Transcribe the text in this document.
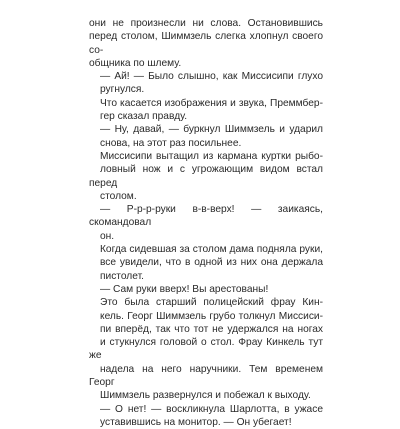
они не произнесли ни слова. Остановившись
перед столом, Шиммзель слегка хлопнул своего со-
общника по шлему.

— Ай! — Было слышно, как Миссисипи глухо
ругнулся.

Что касается изображения и звука, Преммбер-
гер сказал правду.

— Ну, давай, — буркнул Шиммзель и ударил
снова, на этот раз посильнее.

Миссисипи вытащил из кармана куртки рыбо-
ловный нож и с угрожающим видом встал перед
столом.

— Р-р-р-руки в-в-верх! — заикаясь, скомандовал
он.

Когда сидевшая за столом дама подняла руки,
все увидели, что в одной из них она держала
пистолет.

— Сам руки вверх! Вы арестованы!

Это была старший полицейский фрау Кин-
кель. Георг Шиммзель грубо толкнул Миссиси-
пи вперёд, так что тот не удержался на ногах
и стукнулся головой о стол. Фрау Кинкель тут же
надела на него наручники. Тем временем Георг
Шиммзель развернулся и побежал к выходу.

— О нет! — воскликнула Шарлотта, в ужасе
уставившись на монитор. — Он убегает!
